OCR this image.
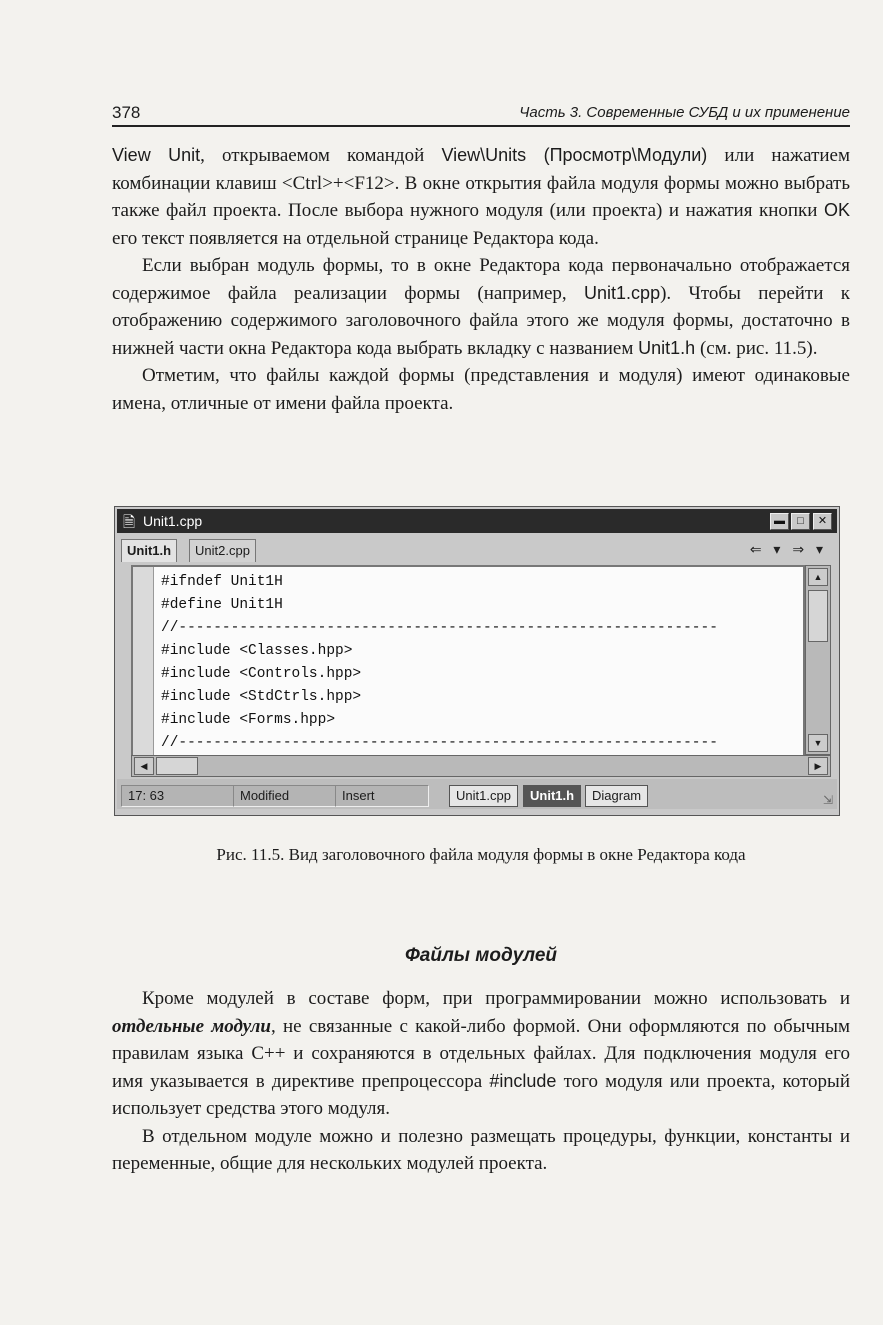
378	Часть 3. Современные СУБД и их применение

View Unit, открываемом командой View\Units (Просмотр\Модули) или нажатием комбинации клавиш <Ctrl>+<F12>. В окне открытия файла модуля формы можно выбрать также файл проекта. После выбора нужного модуля (или проекта) и нажатия кнопки OK его текст появляется на отдельной странице Редактора кода.

Если выбран модуль формы, то в окне Редактора кода первоначально отображается содержимое файла реализации формы (например, Unit1.cpp). Чтобы перейти к отображению содержимого заголовочного файла этого же модуля формы, достаточно в нижней части окна Редактора кода выбрать вкладку с названием Unit1.h (см. рис. 11.5).

Отметим, что файлы каждой формы (представления и модуля) имеют одинаковые имена, отличные от имени файла проекта.

🗎 Unit1.cpp	▬	□	✕
Unit1.h	Unit2.cpp	⇐ ▾ ⇒ ▾
#ifndef Unit1H
#define Unit1H
//--------------------------------------------------------------
#include <Classes.hpp>
#include <Controls.hpp>
#include <StdCtrls.hpp>
#include <Forms.hpp>
//--------------------------------------------------------------
▲
▼
◀	▶
17: 63	Modified	Insert	Unit1.cpp	Unit1.h	Diagram	⇲
Рис. 11.5. Вид заголовочного файла модуля формы в окне Редактора кода
Файлы модулей

Кроме модулей в составе форм, при программировании можно использовать и отдельные модули, не связанные с какой-либо формой. Они оформляются по обычным правилам языка C++ и сохраняются в отдельных файлах. Для подключения модуля его имя указывается в директиве препроцессора #include того модуля или проекта, который использует средства этого модуля.

В отдельном модуле можно и полезно размещать процедуры, функции, константы и переменные, общие для нескольких модулей проекта.
